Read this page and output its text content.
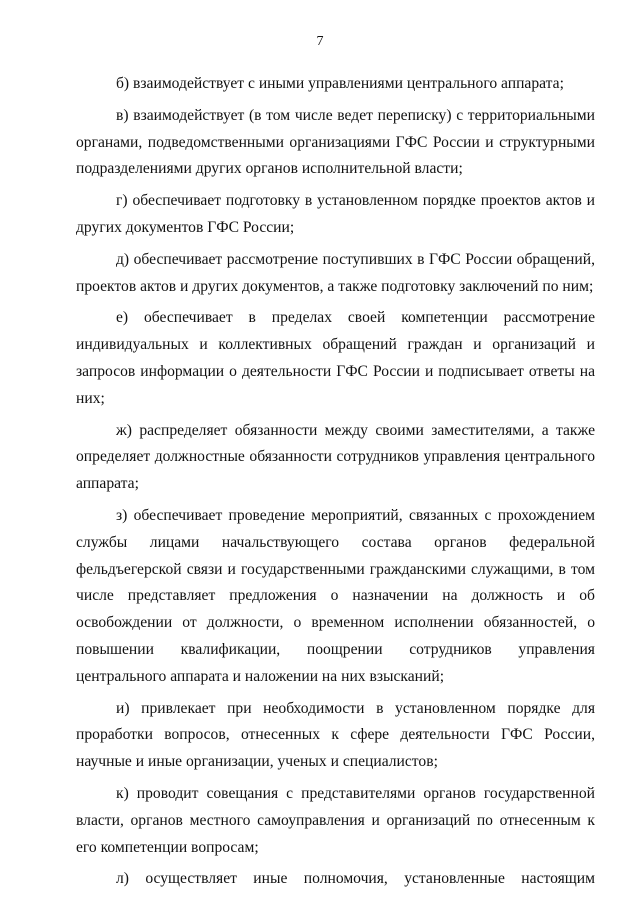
7

б) взаимодействует с иными управлениями центрального аппарата;

в) взаимодействует (в том числе ведет переписку) с территориальными органами, подведомственными организациями ГФС России и структурными подразделениями других органов исполнительной власти;

г) обеспечивает подготовку в установленном порядке проектов актов и других документов ГФС России;

д) обеспечивает рассмотрение поступивших в ГФС России обращений, проектов актов и других документов, а также подготовку заключений по ним;

е) обеспечивает в пределах своей компетенции рассмотрение индивидуальных и коллективных обращений граждан и организаций и запросов информации о деятельности ГФС России и подписывает ответы на них;

ж) распределяет обязанности между своими заместителями, а также определяет должностные обязанности сотрудников управления центрального аппарата;

з) обеспечивает проведение мероприятий, связанных с прохождением службы лицами начальствующего состава органов федеральной фельдъегерской связи и государственными гражданскими служащими, в том числе представляет предложения о назначении на должность и об освобождении от должности, о временном исполнении обязанностей, о повышении квалификации, поощрении сотрудников управления центрального аппарата и наложении на них взысканий;

и) привлекает при необходимости в установленном порядке для проработки вопросов, отнесенных к сфере деятельности ГФС России, научные и иные организации, ученых и специалистов;

к) проводит совещания с представителями органов государственной власти, органов местного самоуправления и организаций по отнесенным к его компетенции вопросам;

л) осуществляет иные полномочия, установленные настоящим
